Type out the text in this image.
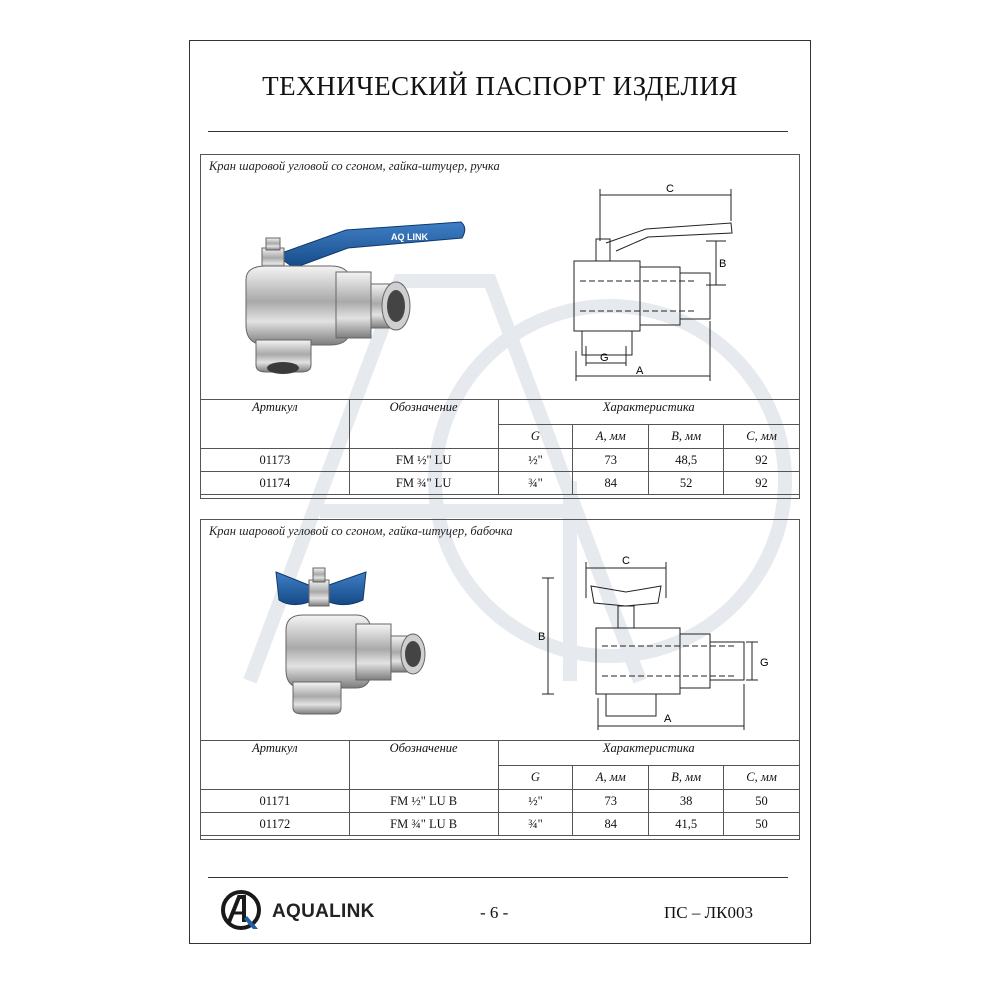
ТЕХНИЧЕСКИЙ ПАСПОРТ ИЗДЕЛИЯ
Кран шаровой угловой со сгоном, гайка-штуцер, ручка
AQ LINK
C
B
G
A
Артикул	Обозначение	Характеристика			
		G	А, мм	В, мм	С, мм
01173	FM ½" LU	½"	73	48,5	92
01174	FM ¾" LU	¾"	84	52	92
Кран шаровой угловой со сгоном, гайка-штуцер, бабочка
C
B
G
A
Артикул	Обозначение	Характеристика			
		G	А, мм	В, мм	С, мм
01171	FM ½" LU B	½"	73	38	50
01172	FM ¾" LU B	¾"	84	41,5	50
AQUALINK	- 6 -	ПС – ЛК003
